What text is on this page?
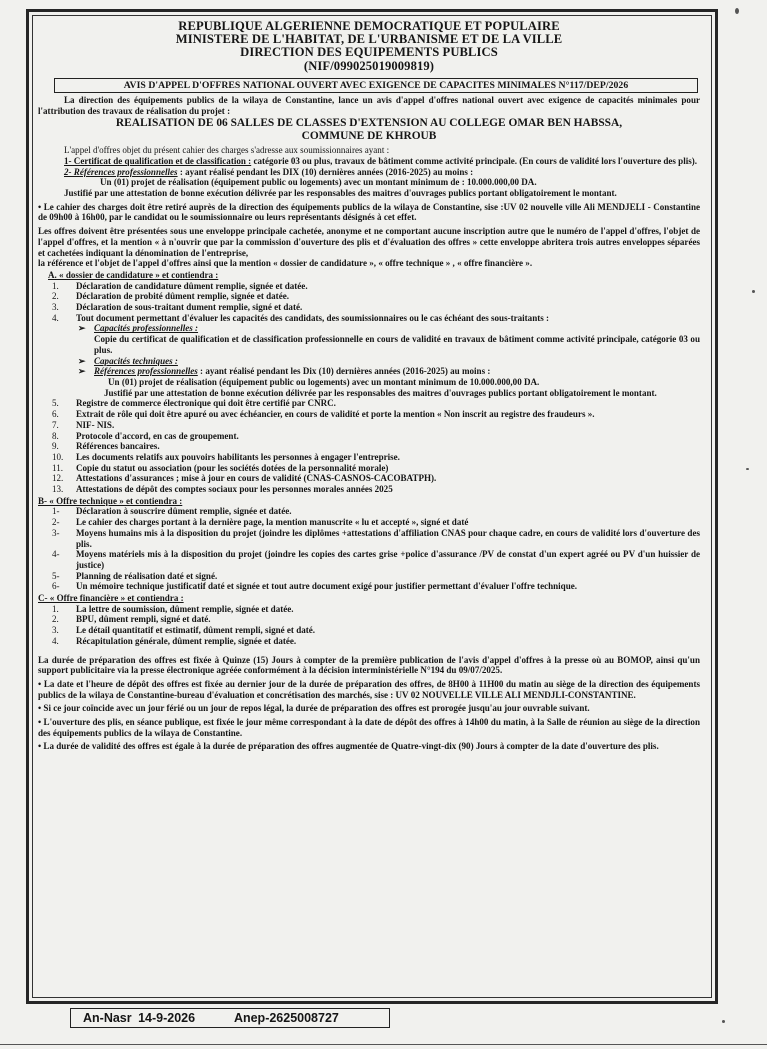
REPUBLIQUE ALGERIENNE DEMOCRATIQUE ET POPULAIRE
MINISTERE DE L'HABITAT, DE L'URBANISME ET DE LA VILLE
DIRECTION DES EQUIPEMENTS PUBLICS
(NIF/099025019009819)
AVIS D'APPEL D'OFFRES NATIONAL OUVERT AVEC EXIGENCE DE CAPACITES MINIMALES N°117/DEP/2026

La direction des équipements publics de la wilaya de Constantine, lance un avis d'appel d'offres national ouvert avec exigence de capacités minimales pour l'attribution des travaux de réalisation du projet :

REALISATION DE 06 SALLES DE CLASSES D'EXTENSION AU COLLEGE OMAR BEN HABSSA,
COMMUNE DE KHROUB

L'appel d'offres objet du présent cahier des charges s'adresse aux soumissionnaires ayant :

1- Certificat de qualification et de classification : catégorie 03 ou plus, travaux de bâtiment comme activité principale. (En cours de validité lors l'ouverture des plis).

2- Références professionnelles : ayant réalisé pendant les DIX (10) dernières années (2016-2025) au moins :

Un (01) projet de réalisation (équipement public ou logements) avec un montant minimum de : 10.000.000,00 DA.

Justifié par une attestation de bonne exécution délivrée par les responsables des maitres d'ouvrages publics portant obligatoirement le montant.

• Le cahier des charges doit être retiré auprès de la direction des équipements publics de la wilaya de Constantine, sise :UV 02 nouvelle ville Ali MENDJELI - Constantine de 09h00 à 16h00, par le candidat ou le soumissionnaire ou leurs représentants désignés à cet effet.

Les offres doivent être présentées sous une enveloppe principale cachetée, anonyme et ne comportant aucune inscription autre que le numéro de l'appel d'offres, l'objet de l'appel d'offres, et la mention « à n'ouvrir que par la commission d'ouverture des plis et d'évaluation des offres » cette enveloppe abritera trois autres enveloppes séparées et cachetées indiquant la dénomination de l'entreprise,

la référence et l'objet de l'appel d'offres ainsi que la mention « dossier de candidature », « offre technique » , « offre financière ».

A. « dossier de candidature » et contiendra :
1.	Déclaration de candidature dûment remplie, signée et datée.
2.	Déclaration de probité dûment remplie, signée et datée.
3.	Déclaration de sous-traitant dument remplie, signé et daté.
4.	Tout document permettant d'évaluer les capacités des candidats, des soumissionnaires ou le cas échéant des sous-traitants :
➢ Capacités professionnelles :

Copie du certificat de qualification et de classification professionnelle en cours de validité en travaux de bâtiment comme activité principale, catégorie 03 ou plus.

➢ Capacités techniques :
➢ Références professionnelles : ayant réalisé pendant les Dix (10) dernières années (2016-2025) au moins :

Un (01) projet de réalisation (équipement public ou logements) avec un montant minimum de 10.000.000,00 DA.

Justifié par une attestation de bonne exécution délivrée par les responsables des maitres d'ouvrages publics portant obligatoirement le montant.

5.	Registre de commerce électronique qui doit être certifié par CNRC.
6.	Extrait de rôle qui doit être apuré ou avec échéancier, en cours de validité et porte la mention « Non inscrit au registre des fraudeurs ».
7.	NIF- NIS.
8.	Protocole d'accord, en cas de groupement.
9.	Références bancaires.
10.	Les documents relatifs aux pouvoirs habilitants les personnes à engager l'entreprise.
11.	Copie du statut ou association (pour les sociétés dotées de la personnalité morale)
12.	Attestations d'assurances ; mise à jour en cours de validité (CNAS-CASNOS-CACOBATPH).
13.	Attestations de dépôt des comptes sociaux pour les personnes morales années 2025
B- « Offre technique » et contiendra :
1-	Déclaration à souscrire dûment remplie, signée et datée.
2-	Le cahier des charges portant à la dernière page, la mention manuscrite « lu et accepté », signé et daté
3-	Moyens humains mis à la disposition du projet (joindre les diplômes +attestations d'affiliation CNAS pour chaque cadre, en cours de validité lors d'ouverture des plis.
4-	Moyens matériels mis à la disposition du projet (joindre les copies des cartes grise +police d'assurance /PV de constat d'un expert agréé ou PV d'un huissier de justice)
5-	Planning de réalisation daté et signé.
6-	Un mémoire technique justificatif daté et signée et tout autre document exigé pour justifier permettant d'évaluer l'offre technique.
C- « Offre financière » et contiendra :
1.	La lettre de soumission, dûment remplie, signée et datée.
2.	BPU, dûment rempli, signé et daté.
3.	Le détail quantitatif et estimatif, dûment rempli, signé et daté.
4.	Récapitulation générale, dûment remplie, signée et datée.

La durée de préparation des offres est fixée à Quinze (15) Jours à compter de la première publication de l'avis d'appel d'offres à la presse où au BOMOP, ainsi qu'un support publicitaire via la presse électronique agréée conformément à la décision interministérielle N°194 du 09/07/2025.

• La date et l'heure de dépôt des offres est fixée au dernier jour de la durée de préparation des offres, de 8H00 à 11H00 du matin au siège de la direction des équipements publics de la wilaya de Constantine-bureau d'évaluation et concrétisation des marchés, sise : UV 02 NOUVELLE VILLE ALI MENDJLI-CONSTANTINE.

• Si ce jour coïncide avec un jour férié ou un jour de repos légal, la durée de préparation des offres est prorogée jusqu'au jour ouvrable suivant.

• L'ouverture des plis, en séance publique, est fixée le jour même correspondant à la date de dépôt des offres à 14h00 du matin, à la Salle de réunion au siège de la direction des équipements publics de la wilaya de Constantine.

• La durée de validité des offres est égale à la durée de préparation des offres augmentée de Quatre-vingt-dix (90) Jours à compter de la date d'ouverture des plis.

An-Nasr 14-9-2026	Anep-2625008727
